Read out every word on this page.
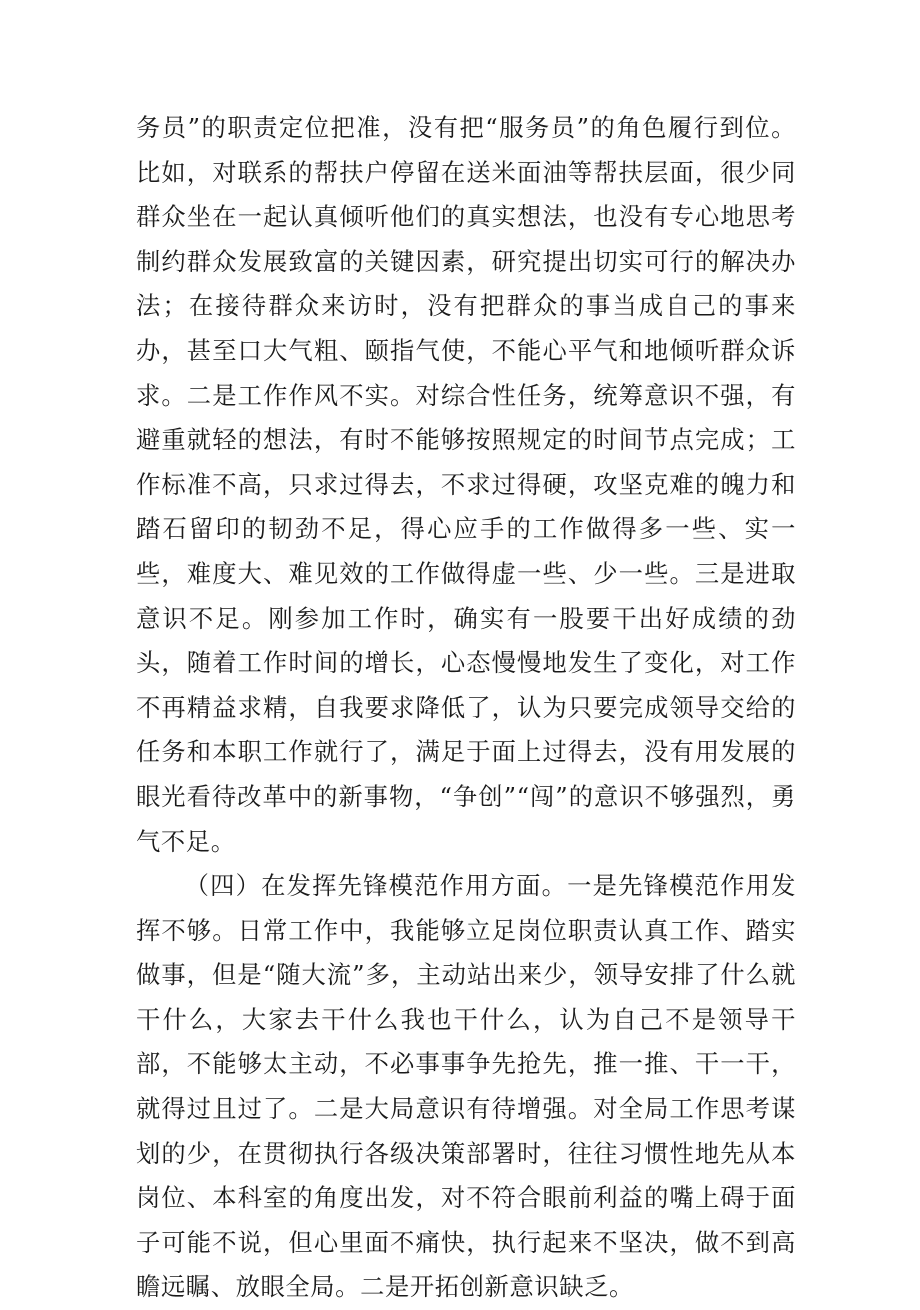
务员”的职责定位把准，没有把“服务员”的角色履行到位。比如，对联系的帮扶户停留在送米面油等帮扶层面，很少同群众坐在一起认真倾听他们的真实想法，也没有专心地思考制约群众发展致富的关键因素，研究提出切实可行的解决办法；在接待群众来访时，没有把群众的事当成自己的事来办，甚至口大气粗、颐指气使，不能心平气和地倾听群众诉求。二是工作作风不实。对综合性任务，统筹意识不强，有避重就轻的想法，有时不能够按照规定的时间节点完成；工作标准不高，只求过得去，不求过得硬，攻坚克难的魄力和踏石留印的韧劲不足，得心应手的工作做得多一些、实一些，难度大、难见效的工作做得虚一些、少一些。三是进取意识不足。刚参加工作时，确实有一股要干出好成绩的劲头，随着工作时间的增长，心态慢慢地发生了变化，对工作不再精益求精，自我要求降低了，认为只要完成领导交给的任务和本职工作就行了，满足于面上过得去，没有用发展的眼光看待改革中的新事物，“争创”“闯”的意识不够强烈，勇气不足。

（四）在发挥先锋模范作用方面。一是先锋模范作用发挥不够。日常工作中，我能够立足岗位职责认真工作、踏实做事，但是“随大流”多，主动站出来少，领导安排了什么就干什么，大家去干什么我也干什么，认为自己不是领导干部，不能够太主动，不必事事争先抢先，推一推、干一干，就得过且过了。二是大局意识有待增强。对全局工作思考谋划的少，在贯彻执行各级决策部署时，往往习惯性地先从本岗位、本科室的角度出发，对不符合眼前利益的嘴上碍于面子可能不说，但心里面不痛快，执行起来不坚决，做不到高瞻远瞩、放眼全局。二是开拓创新意识缺乏。
